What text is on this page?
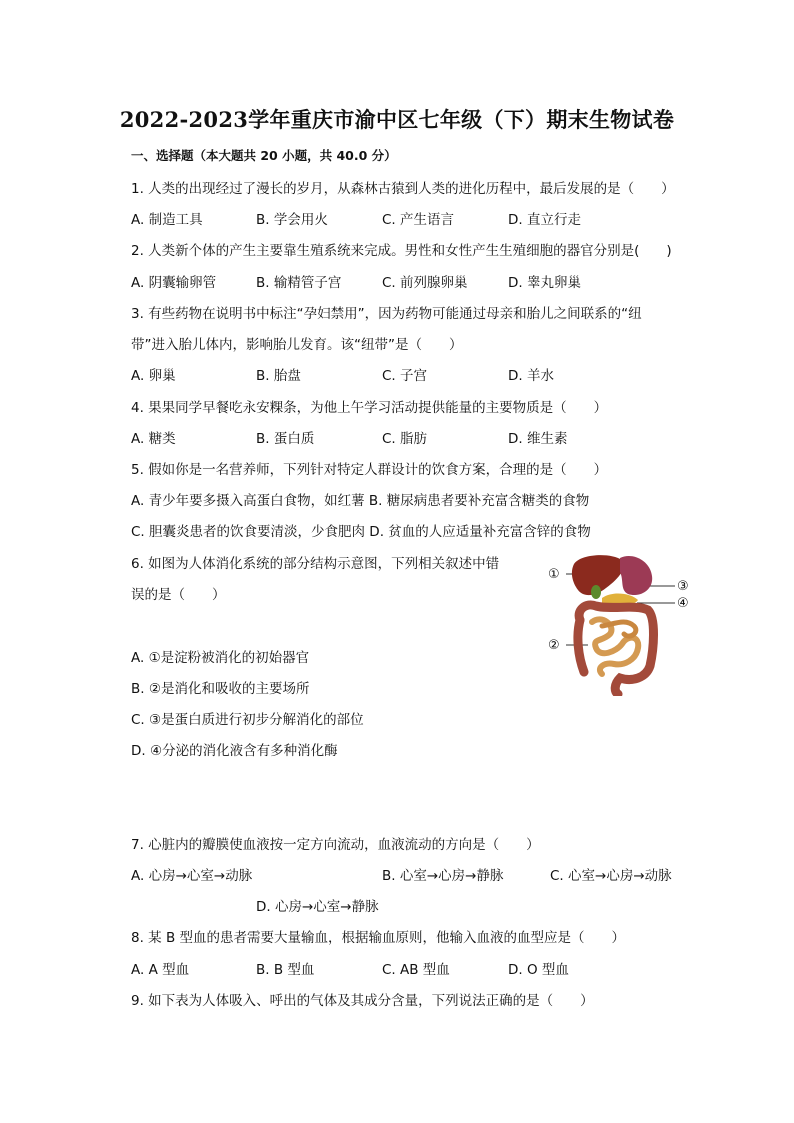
2022-2023学年重庆市渝中区七年级（下）期末生物试卷
一、选择题（本大题共 20 小题，共 40.0 分）
1. 人类的出现经过了漫长的岁月，从森林古猿到人类的进化历程中，最后发展的是（　　）
A. 制造工具	B. 学会用火	C. 产生语言	D. 直立行走
2. 人类新个体的产生主要靠生殖系统来完成。男性和女性产生生殖细胞的器官分别是(　　)
A. 阴囊输卵管	B. 输精管子宫	C. 前列腺卵巢	D. 睾丸卵巢
3. 有些药物在说明书中标注“孕妇禁用”，因为药物可能通过母亲和胎儿之间联系的“纽
带”进入胎儿体内，影响胎儿发育。该“纽带”是（　　）
A. 卵巢	B. 胎盘	C. 子宫	D. 羊水
4. 果果同学早餐吃永安粿条，为他上午学习活动提供能量的主要物质是（　　）
A. 糖类	B. 蛋白质	C. 脂肪	D. 维生素
5. 假如你是一名营养师，下列针对特定人群设计的饮食方案，合理的是（　　）
A. 青少年要多摄入高蛋白食物，如红薯 B. 糖尿病患者要补充富含糖类的食物
C. 胆囊炎患者的饮食要清淡，少食肥肉 D. 贫血的人应适量补充富含锌的食物
6. 如图为人体消化系统的部分结构示意图，下列相关叙述中错
误的是（　　）
A. ①是淀粉被消化的初始器官
B. ②是消化和吸收的主要场所
C. ③是蛋白质进行初步分解消化的部位
D. ④分泌的消化液含有多种消化酶
①
②
③
④
7. 心脏内的瓣膜使血液按一定方向流动，血液流动的方向是（　　）
A. 心房→心室→动脉	B. 心室→心房→静脉	C. 心室→心房→动脉
D. 心房→心室→静脉
8. 某 B 型血的患者需要大量输血，根据输血原则，他输入血液的血型应是（　　）
A. A 型血	B. B 型血	C. AB 型血	D. O 型血
9. 如下表为人体吸入、呼出的气体及其成分含量，下列说法正确的是（　　）
